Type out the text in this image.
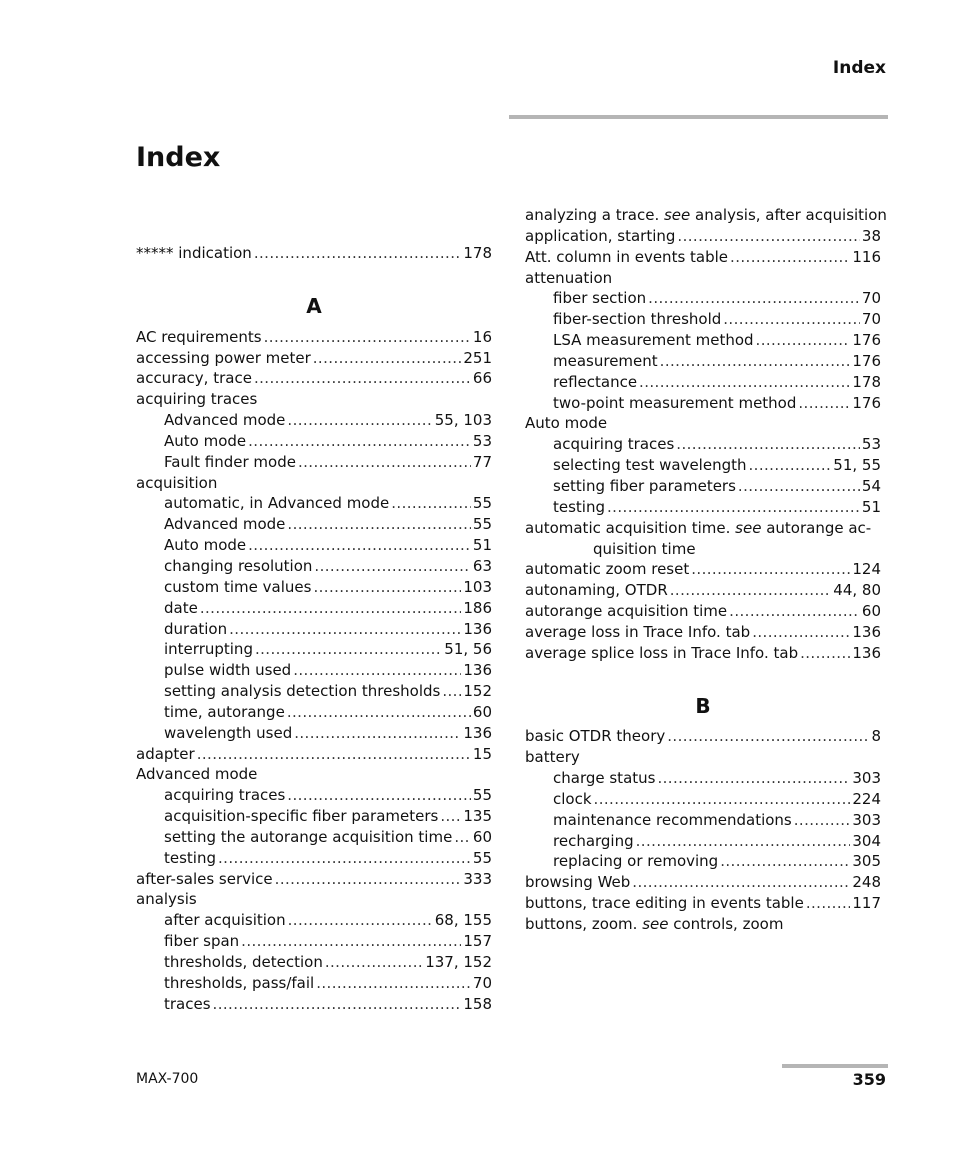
Index
Index
***** indication .....	178
A
AC requirements .....	16
accessing power meter .....	251
accuracy, trace .....	66
acquiring traces
Advanced mode .....	55, 103
Auto mode .....	53
Fault finder mode .....	77
acquisition
automatic, in Advanced mode .....	55
Advanced mode .....	55
Auto mode .....	51
changing resolution .....	63
custom time values .....	103
date .....	186
duration .....	136
interrupting .....	51, 56
pulse width used .....	136
setting analysis detection thresholds ..... 152
time, autorange .....	60
wavelength used .....	136
adapter .....	15
Advanced mode
acquiring traces .....	55
acquisition-specific fiber parameters ..... 135
setting the autorange acquisition time ..... 60
testing .....	55
after-sales service .....	333
analysis
after acquisition .....	68, 155
fiber span .....	157
thresholds, detection .....	137, 152
thresholds, pass/fail .....	70
traces .....	158
analyzing a trace. see analysis, after acquisition
application, starting .....	38
Att. column in events table .....	116
attenuation
fiber section .....	70
fiber-section threshold .....	70
LSA measurement method .....	176
measurement .....	176
reflectance .....	178
two-point measurement method .....	176
Auto mode
acquiring traces .....	53
selecting test wavelength .....	51, 55
setting fiber parameters .....	54
testing .....	51
automatic acquisition time. see autorange ac-
quisition time
automatic zoom reset .....	124
autonaming, OTDR .....	44, 80
autorange acquisition time .....	60
average loss in Trace Info. tab .....	136
average splice loss in Trace Info. tab .....	136
B
basic OTDR theory .....	8
battery
charge status .....	303
clock .....	224
maintenance recommendations .....	303
recharging .....	304
replacing or removing .....	305
browsing Web .....	248
buttons, trace editing in events table .....	117
buttons, zoom. see controls, zoom
MAX-700	359
